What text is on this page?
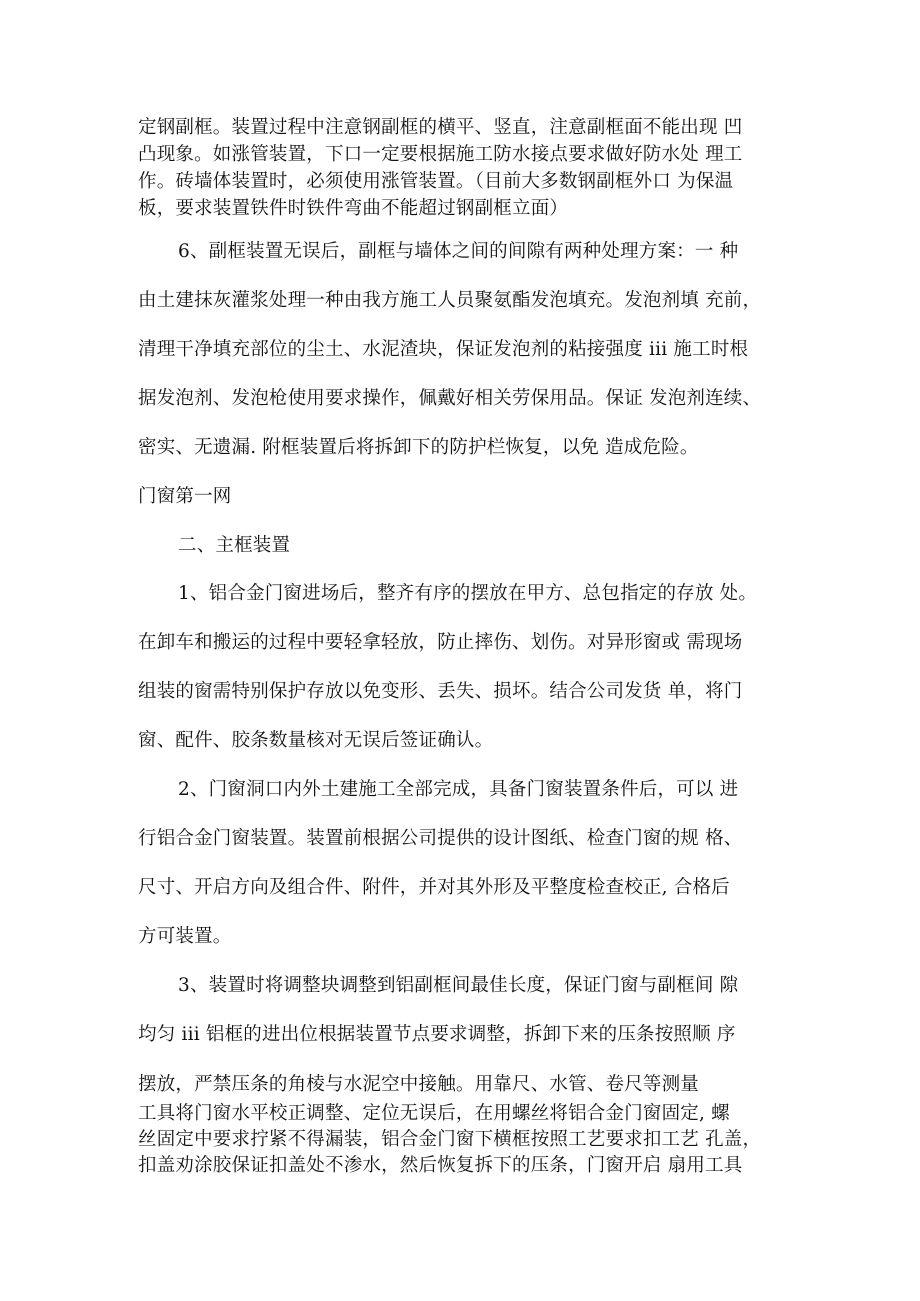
定钢副框。装置过程中注意钢副框的横平、竖直，注意副框面不能出现 凹
凸现象。如涨管装置，下口一定要根据施工防水接点要求做好防水处 理工
作。砖墙体装置时，必须使用涨管装置。（目前大多数钢副框外口 为保温
板，要求装置铁件时铁件弯曲不能超过钢副框立面）
6、副框装置无误后，副框与墙体之间的间隙有两种处理方案：一 种
由土建抹灰灌浆处理一种由我方施工人员聚氨酯发泡填充。发泡剂填 充前，
清理干净填充部位的尘土、水泥渣块，保证发泡剂的粘接强度 iii 施工时根
据发泡剂、发泡枪使用要求操作，佩戴好相关劳保用品。保证 发泡剂连续、
密实、无遗漏. 附框装置后将拆卸下的防护栏恢复，以免 造成危险。
门窗第一网
二、主框装置
1、铝合金门窗进场后，整齐有序的摆放在甲方、总包指定的存放 处。
在卸车和搬运的过程中要轻拿轻放，防止摔伤、划伤。对异形窗或 需现场
组装的窗需特别保护存放以免变形、丢失、损坏。结合公司发货 单，将门
窗、配件、胶条数量核对无误后签证确认。
2、门窗洞口内外土建施工全部完成，具备门窗装置条件后，可以 进
行铝合金门窗装置。装置前根据公司提供的设计图纸、检查门窗的规 格、
尺寸、开启方向及组合件、附件，并对其外形及平整度检查校正, 合格后
方可装置。
3、装置时将调整块调整到铝副框间最佳长度，保证门窗与副框间 隙
均匀 iii 铝框的进出位根据装置节点要求调整，拆卸下来的压条按照顺 序
摆放，严禁压条的角棱与水泥空中接触。用靠尺、水管、卷尺等测量
工具将门窗水平校正调整、定位无误后，在用螺丝将铝合金门窗固定, 螺
丝固定中要求拧紧不得漏装，铝合金门窗下横框按照工艺要求扣工艺 孔盖，
扣盖劝涂胶保证扣盖处不渗水，然后恢复拆下的压条，门窗开启 扇用工具
